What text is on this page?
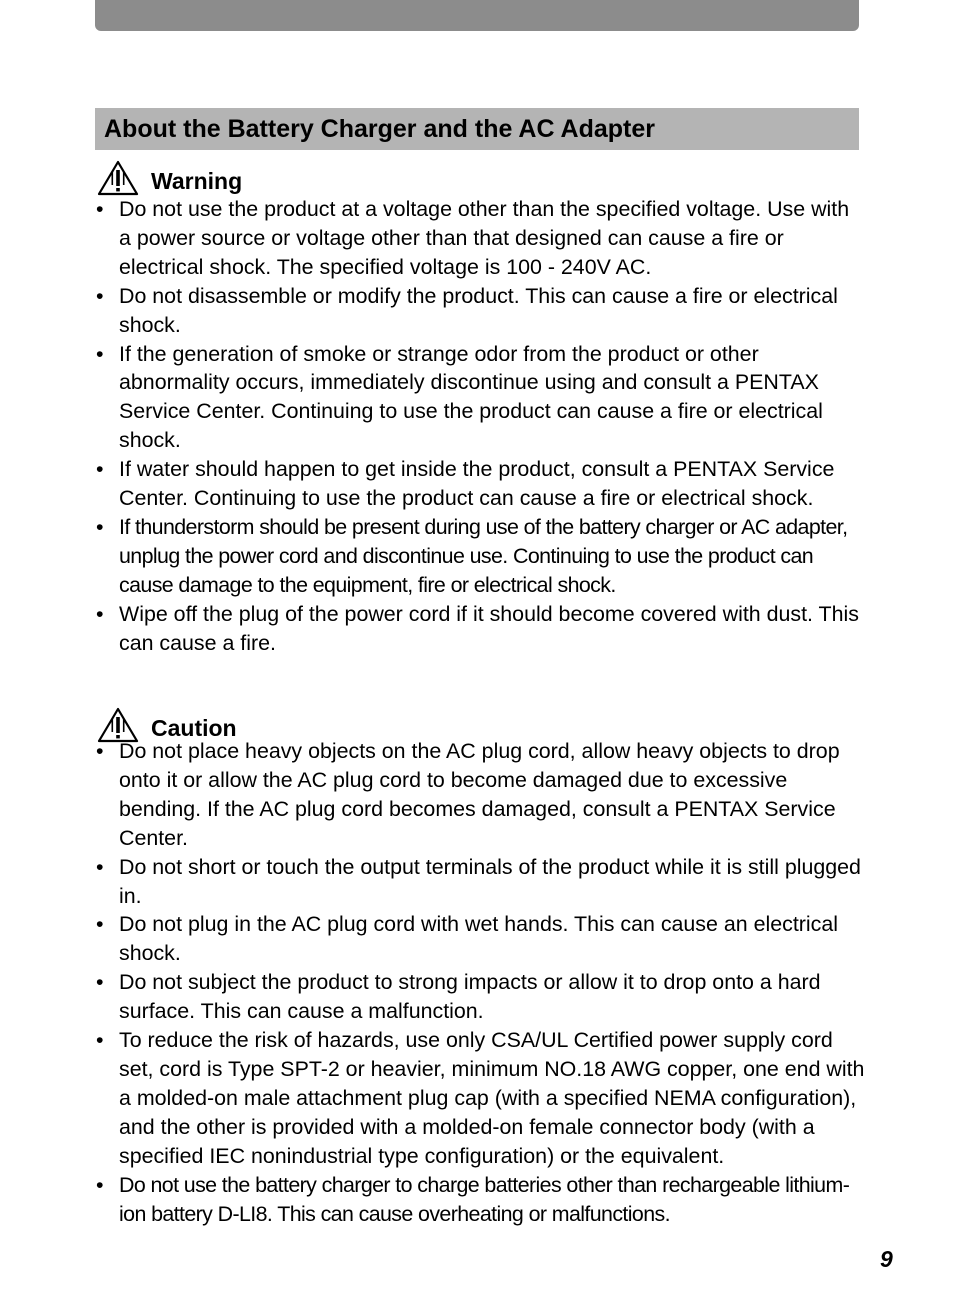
About the Battery Charger and the AC Adapter
Warning
• Do not use the product at a voltage other than the specified voltage. Use with a power source or voltage other than that designed can cause a fire or electrical shock. The specified voltage is 100 - 240V AC.
• Do not disassemble or modify the product. This can cause a fire or electrical shock.
• If the generation of smoke or strange odor from the product or other abnormality occurs, immediately discontinue using and consult a PENTAX Service Center. Continuing to use the product can cause a fire or electrical shock.
• If water should happen to get inside the product, consult a PENTAX Service Center. Continuing to use the product can cause a fire or electrical shock.
• If thunderstorm should be present during use of the battery charger or AC adapter, unplug the power cord and discontinue use. Continuing to use the product can cause damage to the equipment, fire or electrical shock.
• Wipe off the plug of the power cord if it should become covered with dust. This can cause a fire.
Caution
• Do not place heavy objects on the AC plug cord, allow heavy objects to drop onto it or allow the AC plug cord to become damaged due to excessive bending. If the AC plug cord becomes damaged, consult a PENTAX Service Center.
• Do not short or touch the output terminals of the product while it is still plugged in.
• Do not plug in the AC plug cord with wet hands. This can cause an electrical shock.
• Do not subject the product to strong impacts or allow it to drop onto a hard surface. This can cause a malfunction.
• To reduce the risk of hazards, use only CSA/UL Certified power supply cord set, cord is Type SPT-2 or heavier, minimum NO.18 AWG copper, one end with a molded-on male attachment plug cap (with a specified NEMA configuration), and the other is provided with a molded-on female connector body (with a specified IEC nonindustrial type configuration) or the equivalent.
• Do not use the battery charger to charge batteries other than rechargeable lithium-ion battery D-LI8. This can cause overheating or malfunctions.
9
